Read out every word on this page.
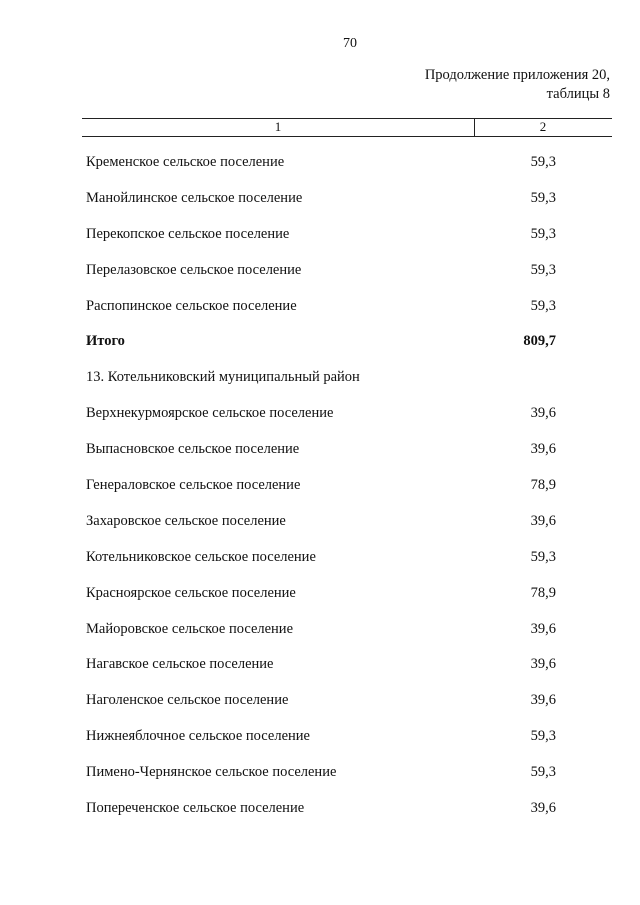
70
Продолжение приложения 20,
таблицы 8
1	2
Кременское сельское поселение	59,3
Манойлинское сельское поселение	59,3
Перекопское сельское поселение	59,3
Перелазовское сельское поселение	59,3
Распопинское сельское поселение	59,3
Итого	809,7
13. Котельниковский муниципальный район
Верхнекурмоярское сельское поселение	39,6
Выпасновское сельское поселение	39,6
Генераловское сельское поселение	78,9
Захаровское сельское поселение	39,6
Котельниковское сельское поселение	59,3
Красноярское сельское поселение	78,9
Майоровское сельское поселение	39,6
Нагавское сельское поселение	39,6
Наголенское сельское поселение	39,6
Нижнеяблочное сельское поселение	59,3
Пимено-Чернянское сельское поселение	59,3
Попереченское сельское поселение	39,6
